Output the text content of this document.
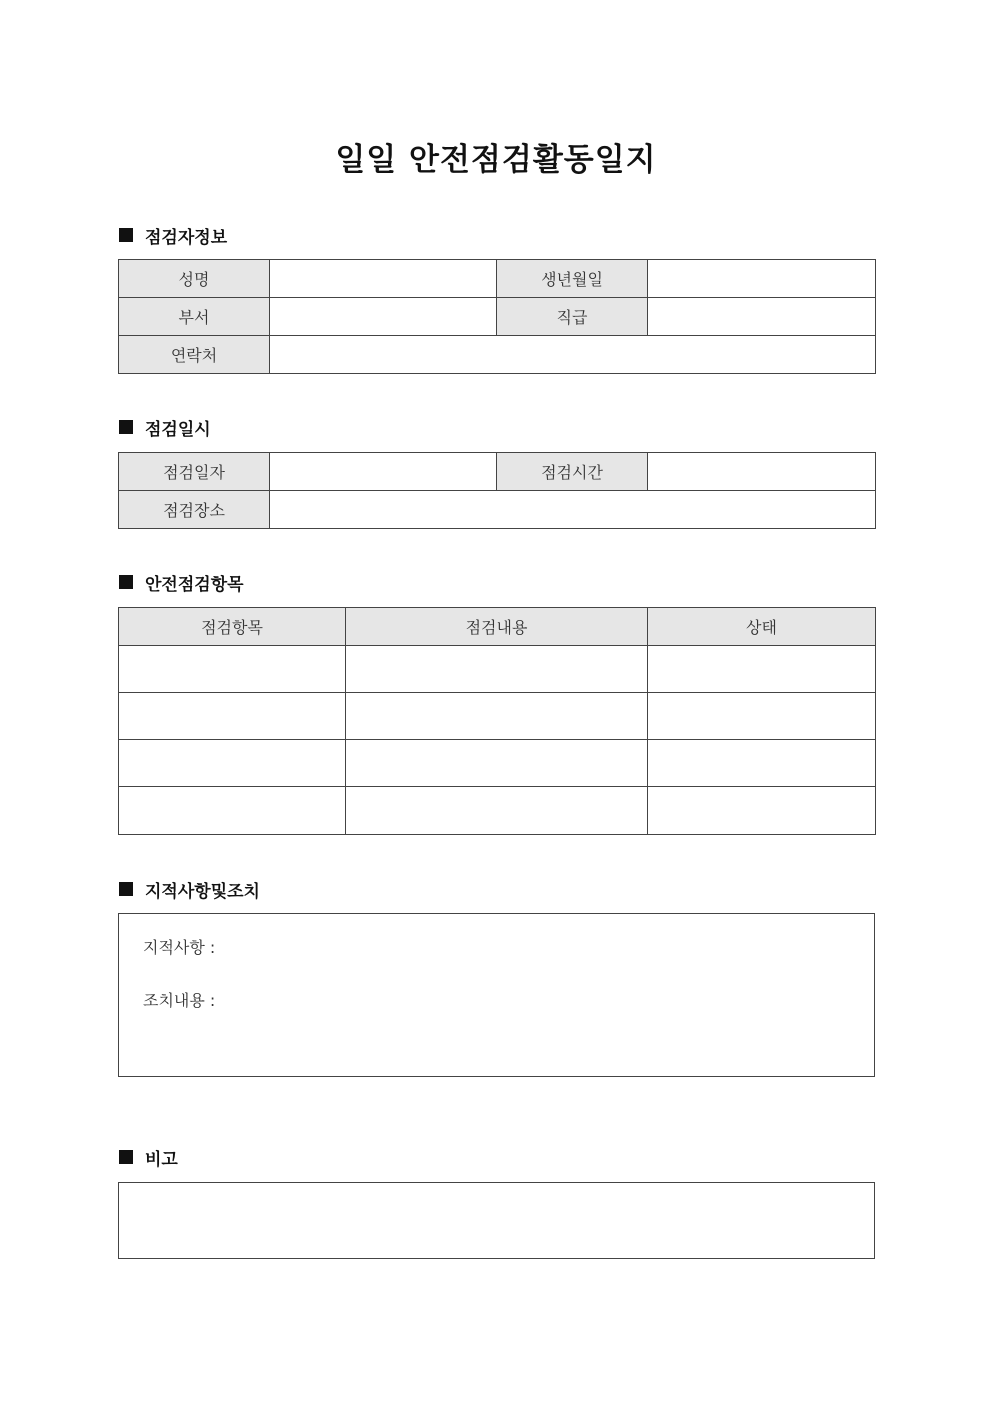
일일 안전점검활동일지
점검자정보
성명		생년월일	
부서		직급	
연락처			
점검일시
점검일자		점검시간	
점검장소			
안전점검항목
점검항목	점검내용	상태

지적사항및조치
지적사항 :
조치내용 :
비고
